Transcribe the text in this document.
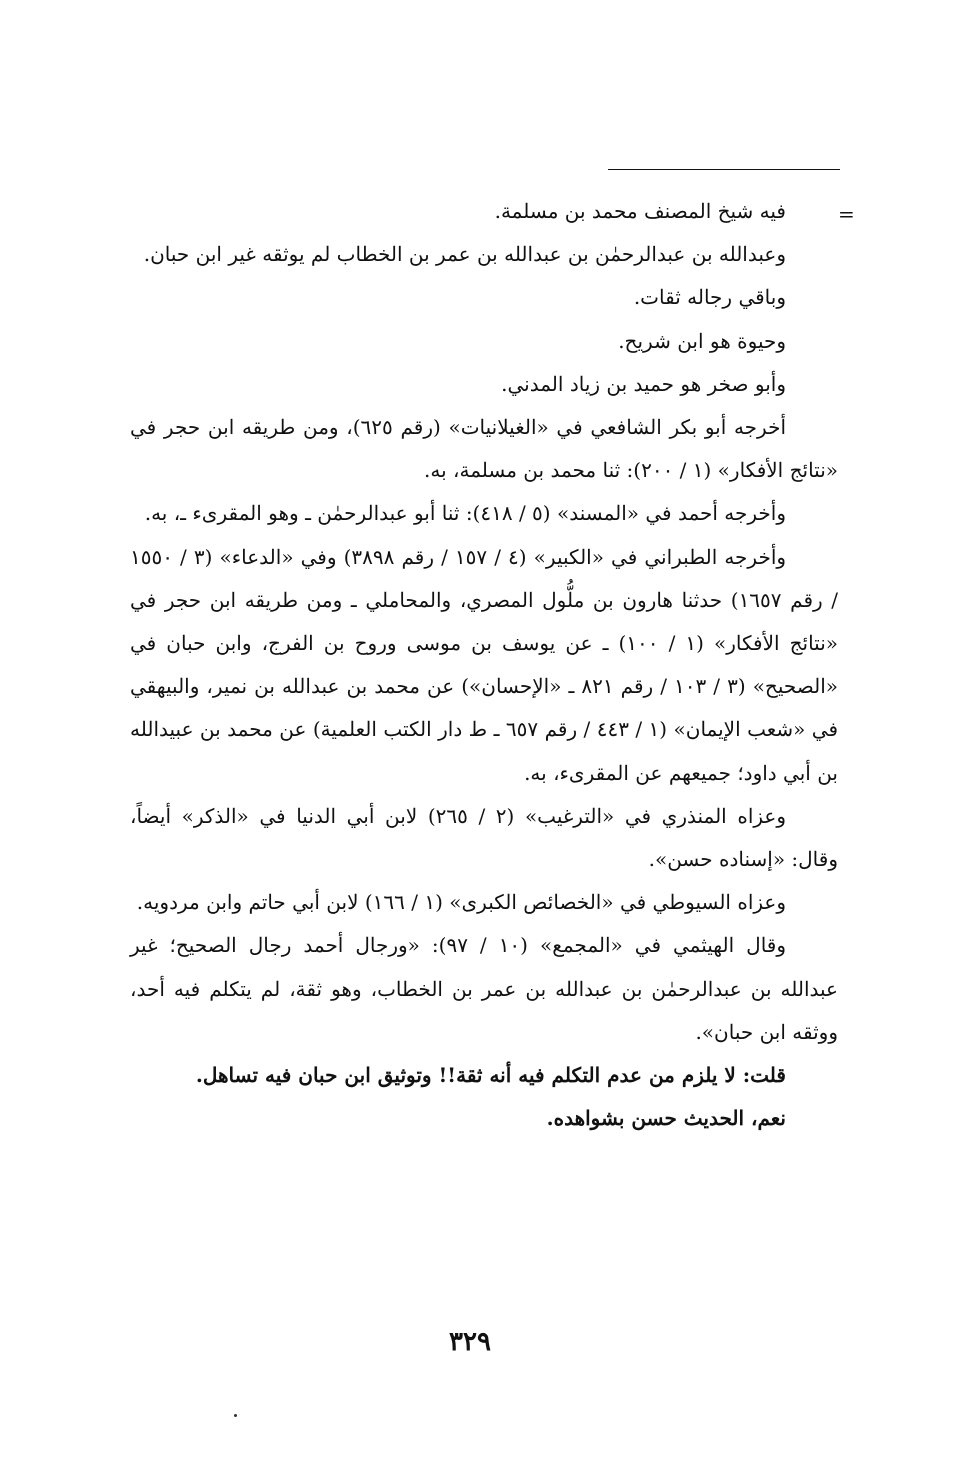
=

فيه شيخ المصنف محمد بن مسلمة.

وعبدالله بن عبدالرحمٰن بن عبدالله بن عمر بن الخطاب لم يوثقه غير ابن حبان.

وباقي رجاله ثقات.

وحيوة هو ابن شريح.

وأبو صخر هو حميد بن زياد المدني.

أخرجه أبو بكر الشافعي في «الغيلانيات» (رقم ٦٢٥)، ومن طريقه ابن حجر في «نتائج الأفكار» (١ / ٢٠٠): ثنا محمد بن مسلمة، به.

وأخرجه أحمد في «المسند» (٥ / ٤١٨): ثنا أبو عبدالرحمٰن ـ وهو المقرىء ـ، به.

وأخرجه الطبراني في «الكبير» (٤ / ١٥٧ / رقم ٣٨٩٨) وفي «الدعاء» (٣ / ١٥٥٠ / رقم ١٦٥٧) حدثنا هارون بن ملُّول المصري، والمحاملي ـ ومن طريقه ابن حجر في «نتائج الأفكار» (١ / ١٠٠) ـ عن يوسف بن موسى وروح بن الفرج، وابن حبان في «الصحيح» (٣ / ١٠٣ / رقم ٨٢١ ـ «الإحسان») عن محمد بن عبدالله بن نمير، والبيهقي في «شعب الإيمان» (١ / ٤٤٣ / رقم ٦٥٧ ـ ط دار الكتب العلمية) عن محمد بن عبيدالله بن أبي داود؛ جميعهم عن المقرىء، به.

وعزاه المنذري في «الترغيب» (٢ / ٢٦٥) لابن أبي الدنيا في «الذكر» أيضاً، وقال: «إسناده حسن».

وعزاه السيوطي في «الخصائص الكبرى» (١ / ١٦٦) لابن أبي حاتم وابن مردويه.

وقال الهيثمي في «المجمع» (١٠ / ٩٧): «ورجال أحمد رجال الصحيح؛ غير عبدالله بن عبدالرحمٰن بن عبدالله بن عمر بن الخطاب، وهو ثقة، لم يتكلم فيه أحد، ووثقه ابن حبان».

قلت: لا يلزم من عدم التكلم فيه أنه ثقة!! وتوثيق ابن حبان فيه تساهل.

نعم، الحديث حسن بشواهده.

٣٢٩
